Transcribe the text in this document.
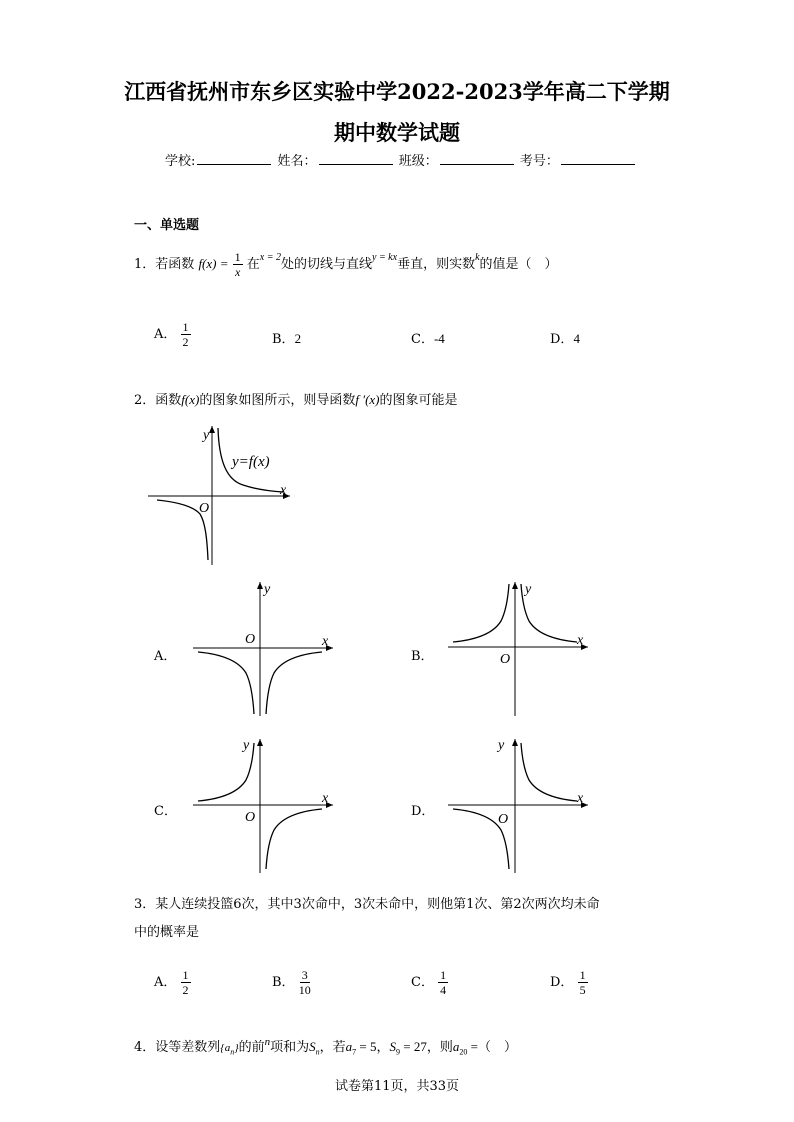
江西省抚州市东乡区实验中学2022-2023学年高二下学期
期中数学试题
学校:	姓名：	班级：	考号：
一、单选题
1．若函数 $f(x) = \frac{1}{x}$ 在$^{x = 2}$处的切线与直线$^{y = kx}$垂直，则实数$^k$的值是（　）
A． $\frac{1}{2}$	B．2	C．-4	D．4
2．函数f(x)的图象如图所示，则导函数f ′(x)的图象可能是
y
x
O
y=f(x)
A．
y
x
O
B．
y
x
O
C．
y
x
O	D．
y
x
O
3．某人连续投篮6次，其中3次命中，3次未命中，则他第1次、第2次两次均未命
中的概率是
A． $\frac{1}{2}$	B． $\frac{3}{10}$	C． $\frac{1}{4}$	D． $\frac{1}{5}$
4．设等差数列$\{a_n\}$的前$^n$项和为$S_n$，若$a_7 = 5$，$S_9 = 27$，则$a_{20}$ =（　）
试卷第11页，共33页
